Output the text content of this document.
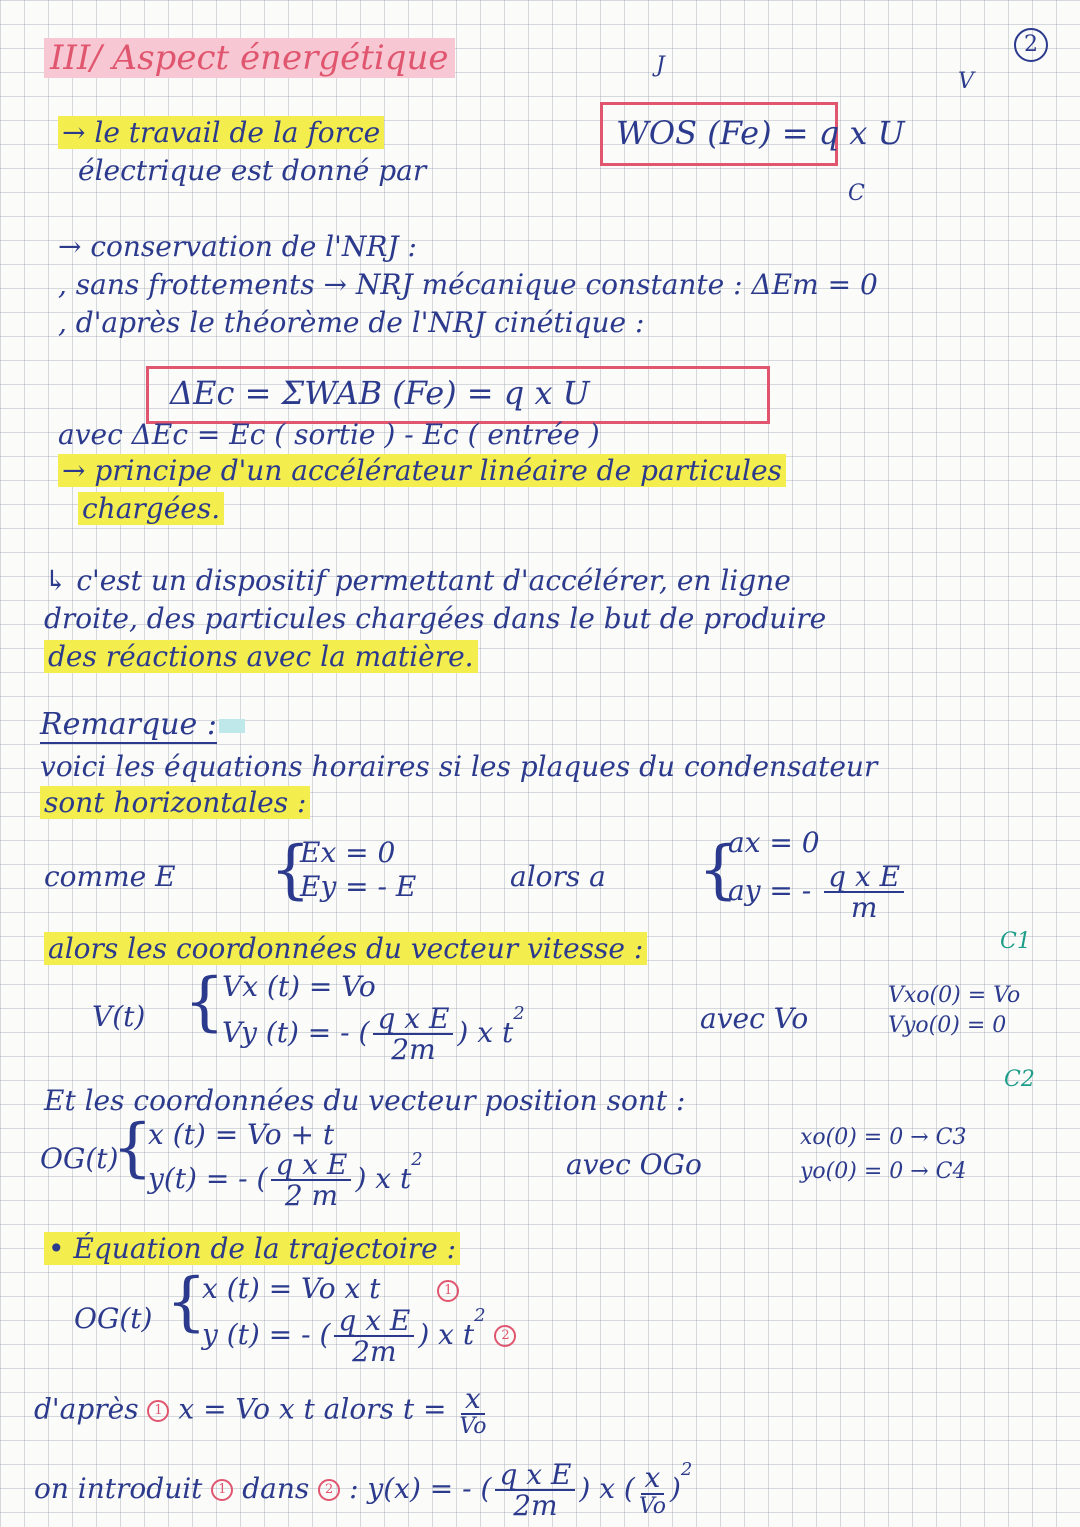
2
III/ Aspect énergétique
→ le travail de la force
électrique est donné par
J
V
C
WOS (Fe) = q x U
→ conservation de l'NRJ :
, sans frottements → NRJ mécanique constante : ΔEm = 0
, d'après le théorème de l'NRJ cinétique :
ΔEc = ΣWAB (Fe) = q x U
avec ΔEc = Ec ( sortie ) - Ec ( entrée )
→ principe d'un accélérateur linéaire de particules
chargées.
↳ c'est un dispositif permettant d'accélérer, en ligne
droite, des particules chargées dans le but de produire
des réactions avec la matière.
Remarque :
voici les équations horaires si les plaques du condensateur
sont horizontales :
comme E {
Ex = 0
Ey = - E	alors a {
ax = 0
ay = - $\frac{\text{q x E}}{m}$
alors les coordonnées du vecteur vitesse :	C1
V(t) {
Vx (t) = Vo
Vy (t) = - ( $\frac{\text{q x E}}{2m}$ ) x $t^2$	avec Vo
Vxo(0) = Vo
Vyo(0) = 0
C2
Et les coordonnées du vecteur position sont :
OG(t)
{
x (t) = Vo + t
y(t) = - ( $\frac{\text{q x E}}{2 m}$ ) x $t^2$	avec OGo
xo(0) = 0 → C3
yo(0) = 0 → C4
• Équation de la trajectoire :
OG(t) {
x (t) = Vo x t	1
y (t) = - ( $\frac{\text{q x E}}{2m}$ ) x $t^2$ 2
d'après 1 x = Vo x t alors $t = \frac{x}{Vo}$
on introduit 1 dans 2 : y(x) = - ( $\frac{\text{q x E}}{2m}$ ) x ( $\frac{x}{Vo} )^2$
